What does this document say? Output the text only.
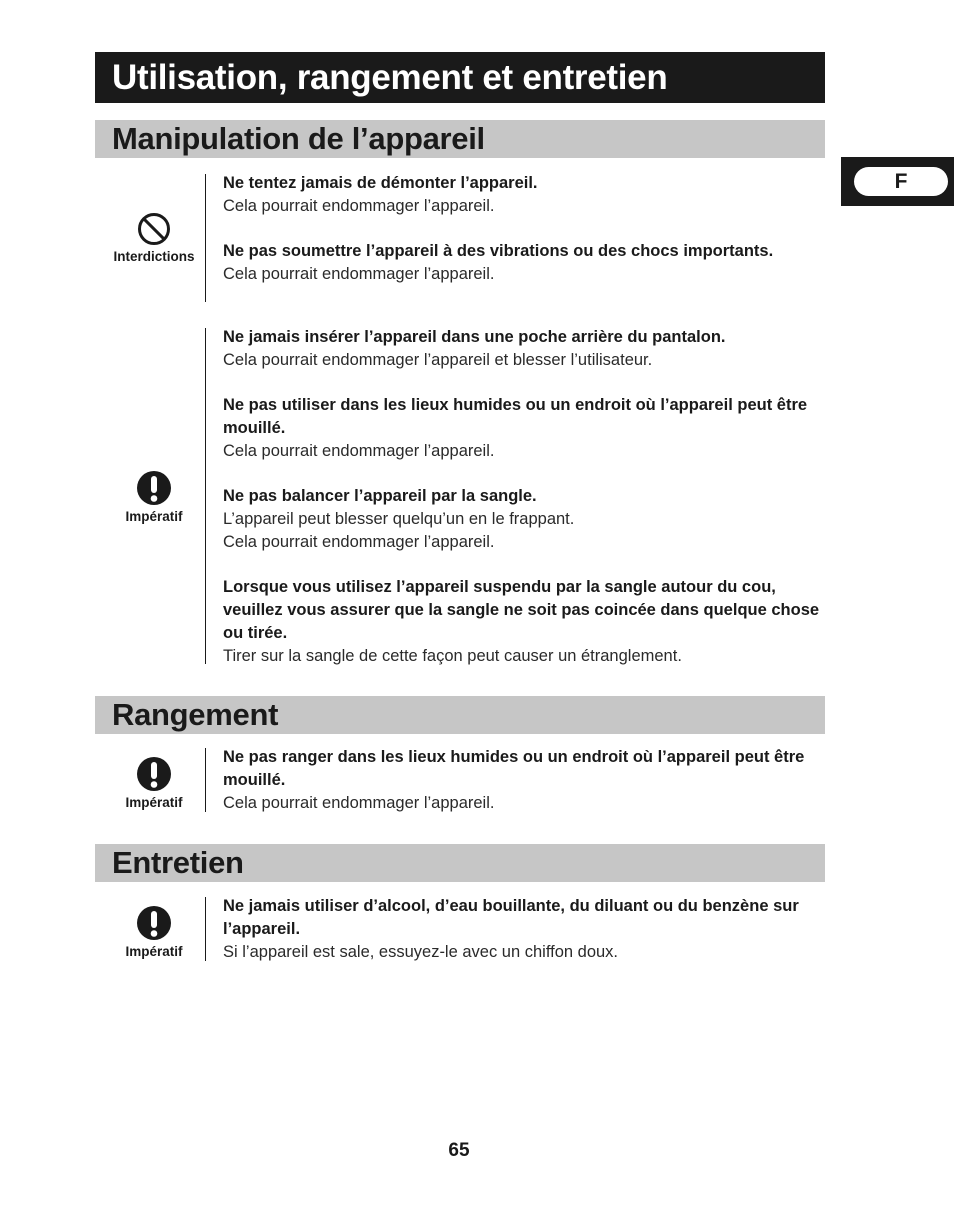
Utilisation, rangement et entretien
F
Manipulation de l’appareil
Interdictions
Ne tentez jamais de démonter l’appareil.
Cela pourrait endommager l’appareil.
Ne pas soumettre l’appareil à des vibrations ou des chocs importants.
Cela pourrait endommager l’appareil.
Impératif
Ne jamais insérer l’appareil dans une poche arrière du pantalon.
Cela pourrait endommager l’appareil et blesser l’utilisateur.
Ne pas utiliser dans les lieux humides ou un endroit où l’appareil peut être mouillé.
Cela pourrait endommager l’appareil.
Ne pas balancer l’appareil par la sangle.
L’appareil peut blesser quelqu’un en le frappant.
Cela pourrait endommager l’appareil.
Lorsque vous utilisez l’appareil suspendu par la sangle autour du cou, veuillez vous assurer que la sangle ne soit pas coincée dans quelque chose ou tirée.
Tirer sur la sangle de cette façon peut causer un étranglement.
Rangement
Impératif
Ne pas ranger dans les lieux humides ou un endroit où l’appareil peut être mouillé.
Cela pourrait endommager l’appareil.
Entretien
Impératif
Ne jamais utiliser d’alcool, d’eau bouillante, du diluant ou du benzène sur l’appareil.
Si l’appareil est sale, essuyez-le avec un chiffon doux.
65
